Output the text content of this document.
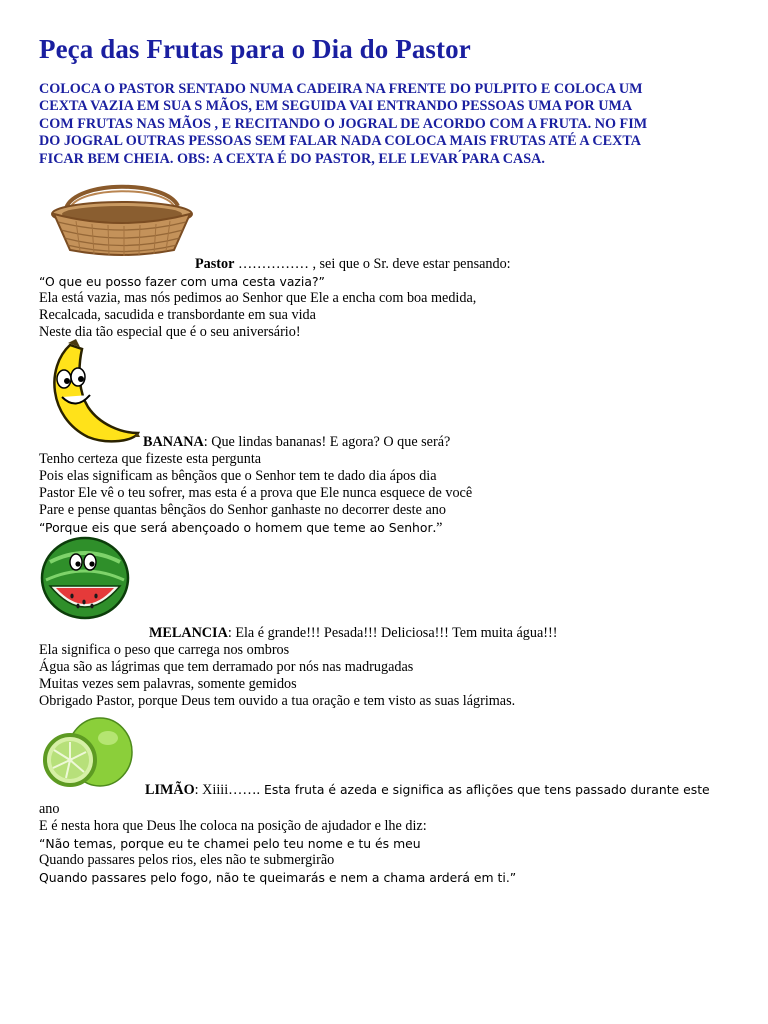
Peça das Frutas para o Dia do Pastor
COLOCA O PASTOR SENTADO NUMA CADEIRA NA FRENTE DO PULPITO E COLOCA UM
CEXTA VAZIA EM SUA S MÃOS, EM SEGUIDA VAI ENTRANDO PESSOAS UMA POR UMA
COM FRUTAS NAS MÃOS , E RECITANDO O JOGRAL DE ACORDO COM A FRUTA. NO FIM
DO JOGRAL OUTRAS PESSOAS SEM FALAR NADA COLOCA MAIS FRUTAS ATÉ A CEXTA
FICAR BEM CHEIA. OBS: A CEXTA É DO PASTOR, ELE LEVAR ́PARA CASA.
Pastor …………… , sei que o Sr. deve estar pensando:
“O que eu posso fazer com uma cesta vazia?”
Ela está vazia, mas nós pedimos ao Senhor que Ele a encha com boa medida,
Recalcada, sacudida e transbordante em sua vida
Neste dia tão especial que é o seu aniversário!
BANANA: Que lindas bananas! E agora? O que será?
Tenho certeza que fizeste esta pergunta
Pois elas significam as bênçãos que o Senhor tem te dado dia ápos dia
Pastor Ele vê o teu sofrer, mas esta é a prova que Ele nunca esquece de você
Pare e pense quantas bênçãos do Senhor ganhaste no decorrer deste ano
“Porque eis que será abençoado o homem que teme ao Senhor.”
MELANCIA: Ela é grande!!! Pesada!!! Deliciosa!!! Tem muita água!!!
Ela significa o peso que carrega nos ombros
Água são as lágrimas que tem derramado por nós nas madrugadas
Muitas vezes sem palavras, somente gemidos
Obrigado Pastor, porque Deus tem ouvido a tua oração e tem visto as suas lágrimas.
LIMÃO: Xiiii……. Esta fruta é azeda e significa as aflições que tens passado durante este
ano
E é nesta hora que Deus lhe coloca na posição de ajudador e lhe diz:
“Não temas, porque eu te chamei pelo teu nome e tu és meu
Quando passares pelos rios, eles não te submergirão
Quando passares pelo fogo, não te queimarás e nem a chama arderá em ti.”
